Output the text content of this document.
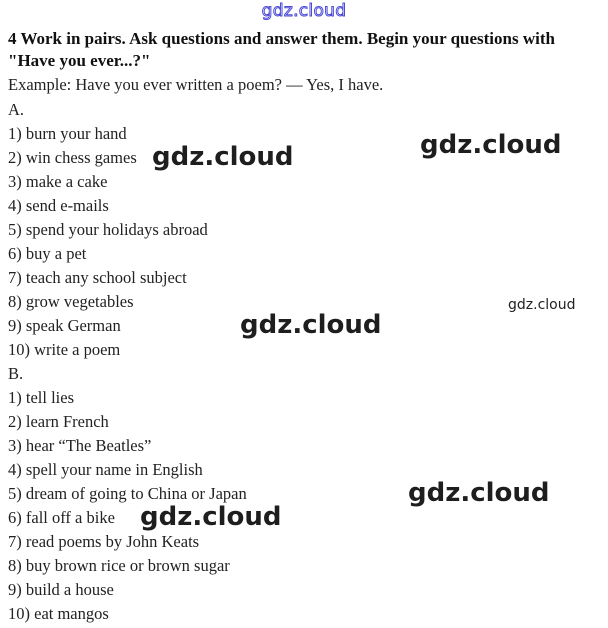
gdz.cloud
4 Work in pairs. Ask questions and answer them. Begin your questions with "Have you ever...?"
Example: Have you ever written a poem? — Yes, I have.
A.
1) burn your hand
2) win chess games
3) make a cake
4) send e-mails
5) spend your holidays abroad
6) buy a pet
7) teach any school subject
8) grow vegetables
9) speak German
10) write a poem
B.
1) tell lies
2) learn French
3) hear “The Beatles”
4) spell your name in English
5) dream of going to China or Japan
6) fall off a bike
7) read poems by John Keats
8) buy brown rice or brown sugar
9) build a house
10) eat mangos
gdz.cloud	gdz.cloud
gdz.cloud
gdz.cloud
gdz.cloud
gdz.cloud
